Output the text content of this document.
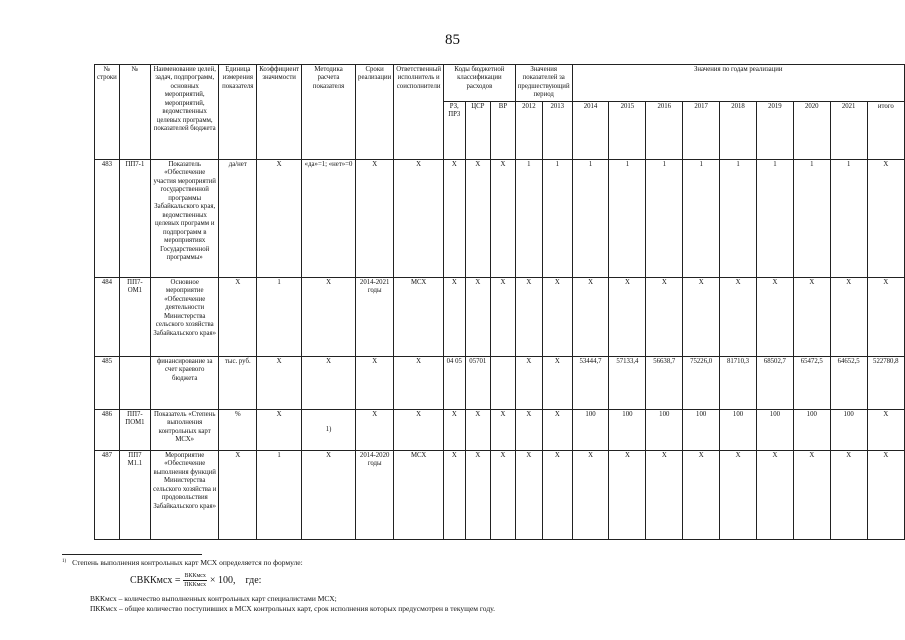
85
№ строки	№	Наименование целей, задач, подпрограмм, основных мероприятий, мероприятий, ведомственных целевых программ, показателей бюджета	Единица измерения показателя	Коэффициент значимости	Методика расчета показателя	Сроки реализации	Ответственный исполнитель и соисполнители	Коды бюджетной классификации расходов			Значения показателей за предшествующий период		Значения по годам реализации								
								РЗ, ПР3	ЦСР	ВР	2012	2013	2014	2015	2016	2017	2018	2019	2020	2021	итого
483	ПП7-1	Показатель «Обеспечение участия мероприятий государственной программы Забайкальского края, ведомственных целевых программ и подпрограмм в мероприятиях Государственной программы»	да/нет	Х	«да»=1; «нет»=0	Х	Х	Х	Х	Х	1	1	1	1	1	1	1	1	1	1	Х
484	ПП7-ОМ1	Основное мероприятие «Обеспечение деятельности Министерства сельского хозяйства Забайкальского края»	Х	1	Х	2014-2021 годы	МСХ	Х	Х	Х	Х	Х	Х	Х	Х	Х	Х	Х	Х	Х	Х
485		финансирование за счет краевого бюджета	тыс. руб.	Х	Х	Х	Х	04 05	05701		Х	Х	53444,7	57133,4	56638,7	75226,0	81710,3	68502,7	65472,5	64652,5	522780,8
486	ПП7-ПОМ1	Показатель «Степень выполнения контрольных карт МСХ»	%	Х	1)	Х	Х	Х	Х	Х	Х	Х	100	100	100	100	100	100	100	100	Х
487	ПП7 М1.1	Мероприятие «Обеспечение выполнения функций Министерства сельского хозяйства и продовольствия Забайкальского края»	Х	1	Х	2014-2020 годы	МСХ	Х	Х	Х	Х	Х	Х	Х	Х	Х	Х	Х	Х	Х	Х
$^{1)}$ Степень выполнения контрольных карт МСХ определяется по формуле:
СВККмсх = $\frac{\text{ВККмсх}}{\text{ПККмсх}} \times 100$, где:
ВККмсх – количество выполненных контрольных карт специалистами МСХ;
ПККмсх – общее количество поступивших в МСХ контрольных карт, срок исполнения которых предусмотрен в текущем году.
